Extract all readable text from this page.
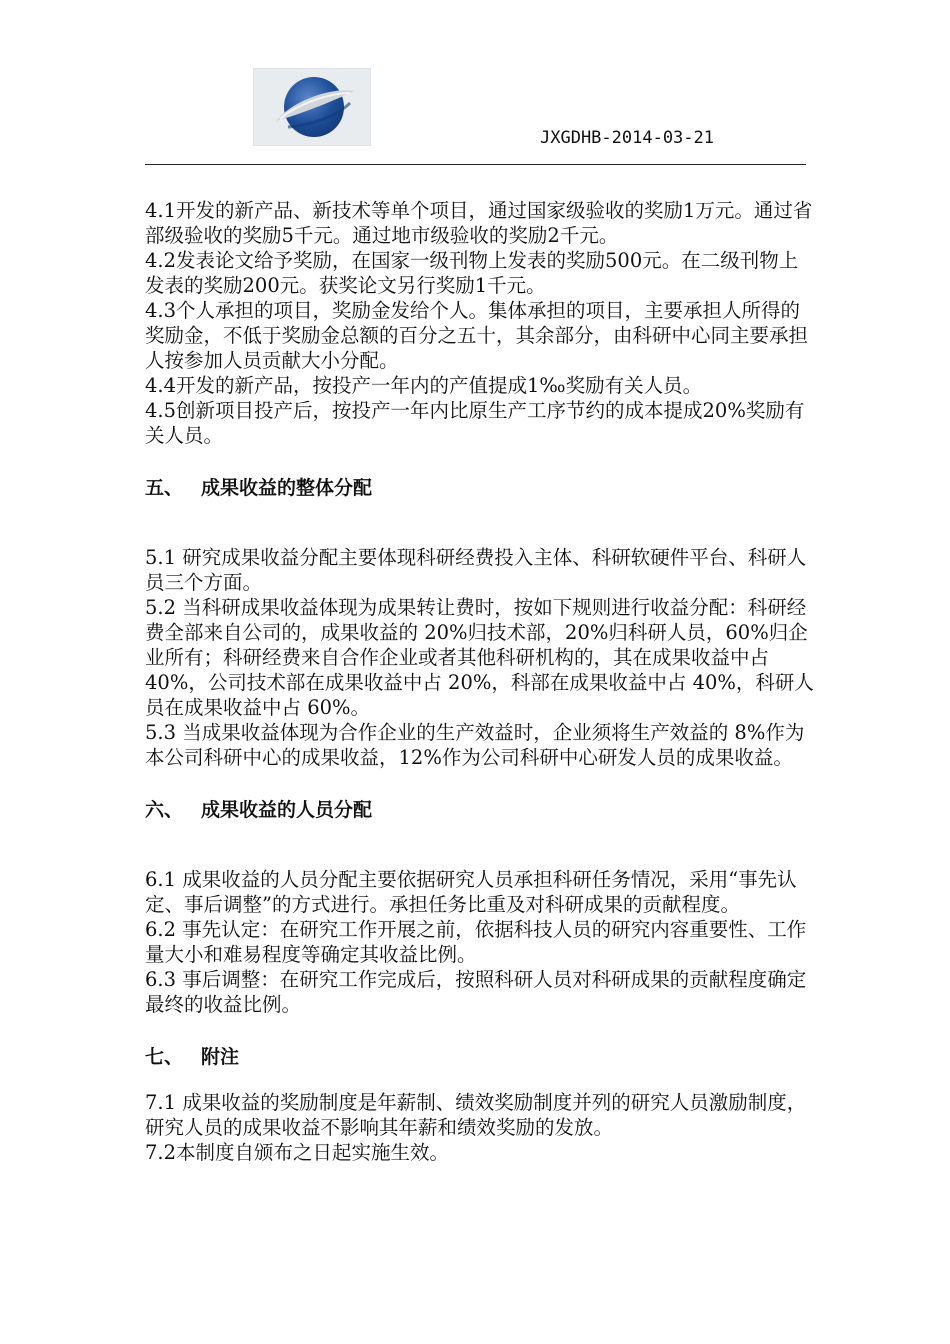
JXGDHB-2014-03-21

4.1开发的新产品、新技术等单个项目，通过国家级验收的奖励1万元。通过省部级验收的奖励5千元。通过地市级验收的奖励2千元。

4.2发表论文给予奖励，在国家一级刊物上发表的奖励500元。在二级刊物上发表的奖励200元。获奖论文另行奖励1千元。

4.3个人承担的项目，奖励金发给个人。集体承担的项目，主要承担人所得的奖励金，不低于奖励金总额的百分之五十，其余部分，由科研中心同主要承担人按参加人员贡献大小分配。

4.4开发的新产品，按投产一年内的产值提成1‰奖励有关人员。

4.5创新项目投产后，按投产一年内比原生产工序节约的成本提成20%奖励有关人员。

五、 成果收益的整体分配

5.1 研究成果收益分配主要体现科研经费投入主体、科研软硬件平台、科研人员三个方面。

5.2 当科研成果收益体现为成果转让费时，按如下规则进行收益分配：科研经费全部来自公司的，成果收益的 20%归技术部，20%归科研人员，60%归企业所有；科研经费来自合作企业或者其他科研机构的，其在成果收益中占 40%，公司技术部在成果收益中占 20%，科部在成果收益中占 40%，科研人员在成果收益中占 60%。

5.3 当成果收益体现为合作企业的生产效益时，企业须将生产效益的 8%作为本公司科研中心的成果收益，12%作为公司科研中心研发人员的成果收益。

六、 成果收益的人员分配

6.1 成果收益的人员分配主要依据研究人员承担科研任务情况，采用“事先认定、事后调整”的方式进行。承担任务比重及对科研成果的贡献程度。

6.2 事先认定：在研究工作开展之前，依据科技人员的研究内容重要性、工作量大小和难易程度等确定其收益比例。

6.3 事后调整：在研究工作完成后，按照科研人员对科研成果的贡献程度确定最终的收益比例。

七、 附注

7.1 成果收益的奖励制度是年薪制、绩效奖励制度并列的研究人员激励制度，研究人员的成果收益不影响其年薪和绩效奖励的发放。

7.2本制度自颁布之日起实施生效。
